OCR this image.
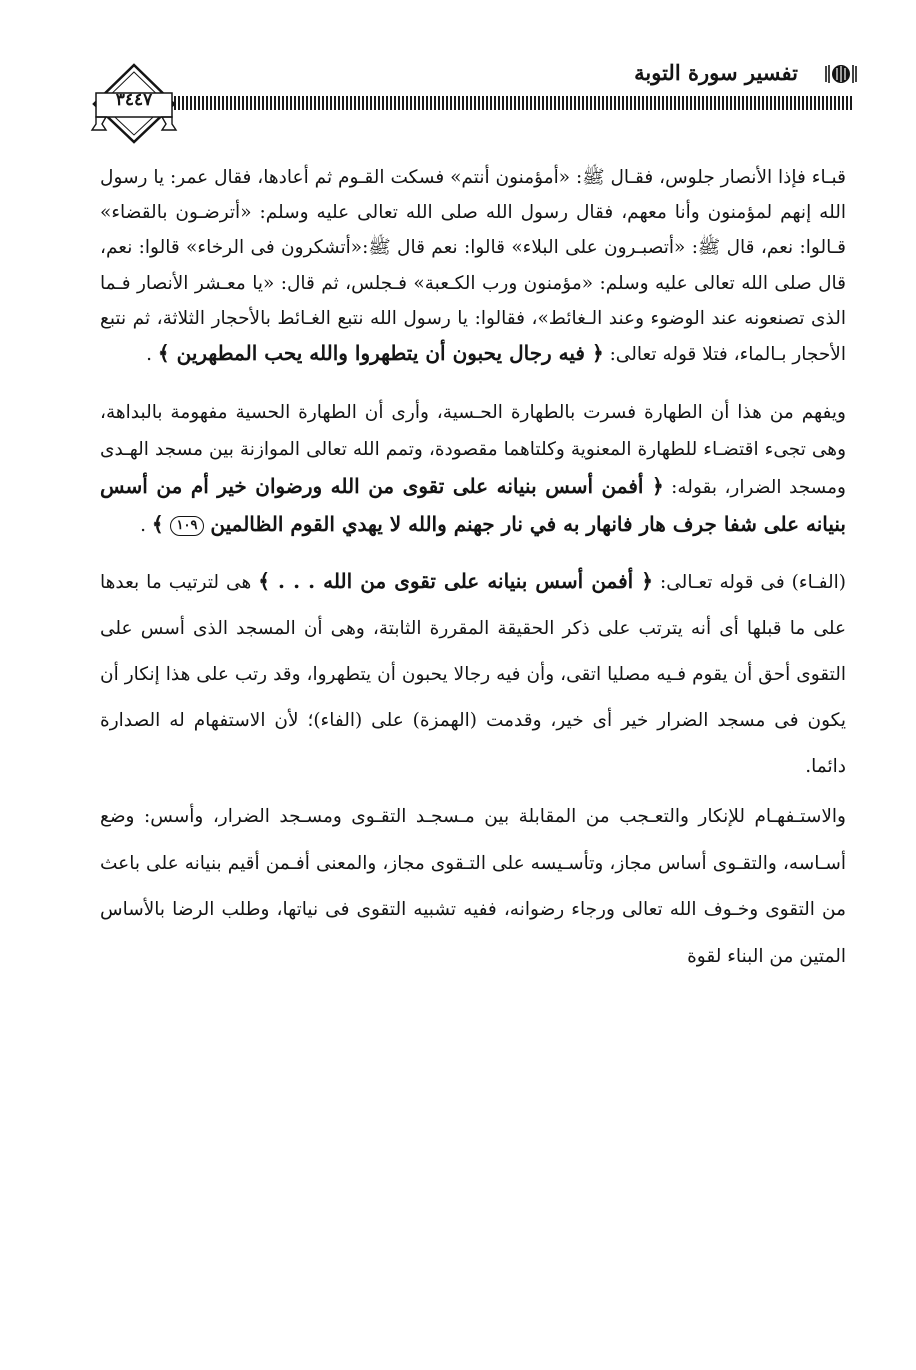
تفسير سورة التوبة
٣٤٤٧

قبـاء فإذا الأنصار جلوس، فقـال ﷺ: «أمؤمنون أنتم» فسكت القـوم ثم أعادها، فقال عمر: يا رسول الله إنهم لمؤمنون وأنا معهم، فقال رسول الله صلى الله تعالى عليه وسلم: «أترضـون بالقضاء» قـالوا: نعم، قال ﷺ: «أتصبـرون على البلاء» قالوا: نعم قال ﷺ:«أتشكرون فى الرخاء» قالوا: نعم، قال صلى الله تعالى عليه وسلم: «مؤمنون ورب الكـعبة» فـجلس، ثم قال: «يا معـشر الأنصار فـما الذى تصنعونه عند الوضوء وعند الـغائط»، فقالوا: يا رسول الله نتبع الغـائط بالأحجار الثلاثة، ثم نتبع الأحجار بـالماء، فتلا قوله تعالى: ﴿ فيه رجال يحبون أن يتطهروا والله يحب المطهرين ﴾ .

ويفهم من هذا أن الطهارة فسرت بالطهارة الحـسية، وأرى أن الطهارة الحسية مفهومة بالبداهة، وهى تجىء اقتضـاء للطهارة المعنوية وكلتاهما مقصودة، وتمم الله تعالى الموازنة بين مسجد الهـدى ومسجد الضرار، بقوله: ﴿ أفمن أسس بنيانه على تقوى من الله ورضوان خير أم من أسس بنيانه على شفا جرف هار فانهار به في نار جهنم والله لا يهدي القوم الظالمين ١٠٩ ﴾ .

(الفـاء) فى قوله تعـالى: ﴿ أفمن أسس بنيانه على تقوى من الله . . . ﴾ هى لترتيب ما بعدها على ما قبلها أى أنه يترتب على ذكر الحقيقة المقررة الثابتة، وهى أن المسجد الذى أسس على التقوى أحق أن يقوم فـيه مصليا اتقى، وأن فيه رجالا يحبون أن يتطهروا، وقد رتب على هذا إنكار أن يكون فى مسجد الضرار خير أى خير، وقدمت (الهمزة) على (الفاء)؛ لأن الاستفهام له الصدارة دائما.

والاستـفهـام للإنكار والتعـجب من المقابلة بين مـسجـد التقـوى ومسـجد الضرار، وأسس: وضع أسـاسه، والتقـوى أساس مجاز، وتأسـيسه على التـقوى مجاز، والمعنى أفـمن أقيم بنيانه على باعث من التقوى وخـوف الله تعالى ورجاء رضوانه، ففيه تشبيه التقوى فى نياتها، وطلب الرضا بالأساس المتين من البناء لقوة
